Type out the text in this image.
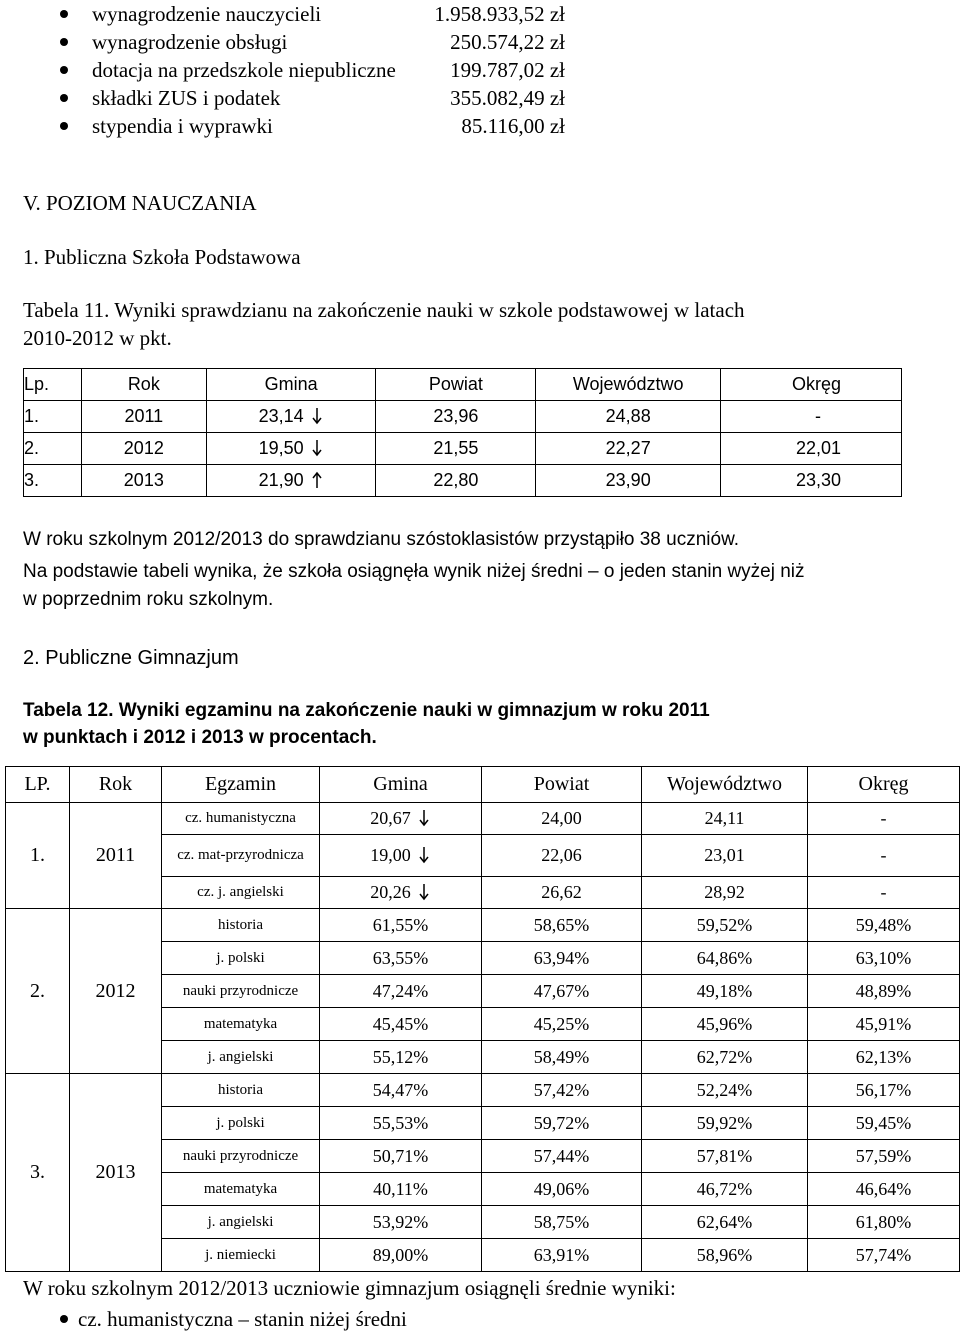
wynagrodzenie nauczycieli	1.958.933,52 zł
wynagrodzenie obsługi	250.574,22 zł
dotacja na przedszkole niepubliczne	199.787,02 zł
składki ZUS i podatek	355.082,49 zł
stypendia i wyprawki	85.116,00 zł
V. POZIOM NAUCZANIA
1. Publiczna Szkoła Podstawowa
Tabela 11. Wyniki sprawdzianu na zakończenie nauki w szkole podstawowej w latach
2010-2012 w pkt.
Lp.	Rok	Gmina	Powiat	Województwo	Okręg
1.	2011	23,14	23,96	24,88	-
2.	2012	19,50	21,55	22,27	22,01
3.	2013	21,90	22,80	23,90	23,30
W roku szkolnym 2012/2013 do sprawdzianu szóstoklasistów przystąpiło 38 uczniów.
Na podstawie tabeli wynika, że szkoła osiągnęła wynik niżej średni – o jeden stanin wyżej niż
w poprzednim roku szkolnym.
2. Publiczne Gimnazjum
Tabela 12. Wyniki egzaminu na zakończenie nauki w gimnazjum w roku 2011
w punktach i 2012 i 2013 w procentach.
LP.	Rok	Egzamin	Gmina	Powiat	Województwo	Okręg
1.	2011	cz. humanistyczna	20,67	24,00	24,11	-
		cz. mat-przyrodnicza	19,00	22,06	23,01	-
		cz. j. angielski	20,26	26,62	28,92	-
2.	2012	historia	61,55%	58,65%	59,52%	59,48%
		j. polski	63,55%	63,94%	64,86%	63,10%
		nauki przyrodnicze	47,24%	47,67%	49,18%	48,89%
		matematyka	45,45%	45,25%	45,96%	45,91%
		j. angielski	55,12%	58,49%	62,72%	62,13%
3.	2013	historia	54,47%	57,42%	52,24%	56,17%
		j. polski	55,53%	59,72%	59,92%	59,45%
		nauki przyrodnicze	50,71%	57,44%	57,81%	57,59%
		matematyka	40,11%	49,06%	46,72%	46,64%
		j. angielski	53,92%	58,75%	62,64%	61,80%
		j. niemiecki	89,00%	63,91%	58,96%	57,74%
W roku szkolnym 2012/2013 uczniowie gimnazjum osiągnęli średnie wyniki:
cz. humanistyczna – stanin niżej średni
